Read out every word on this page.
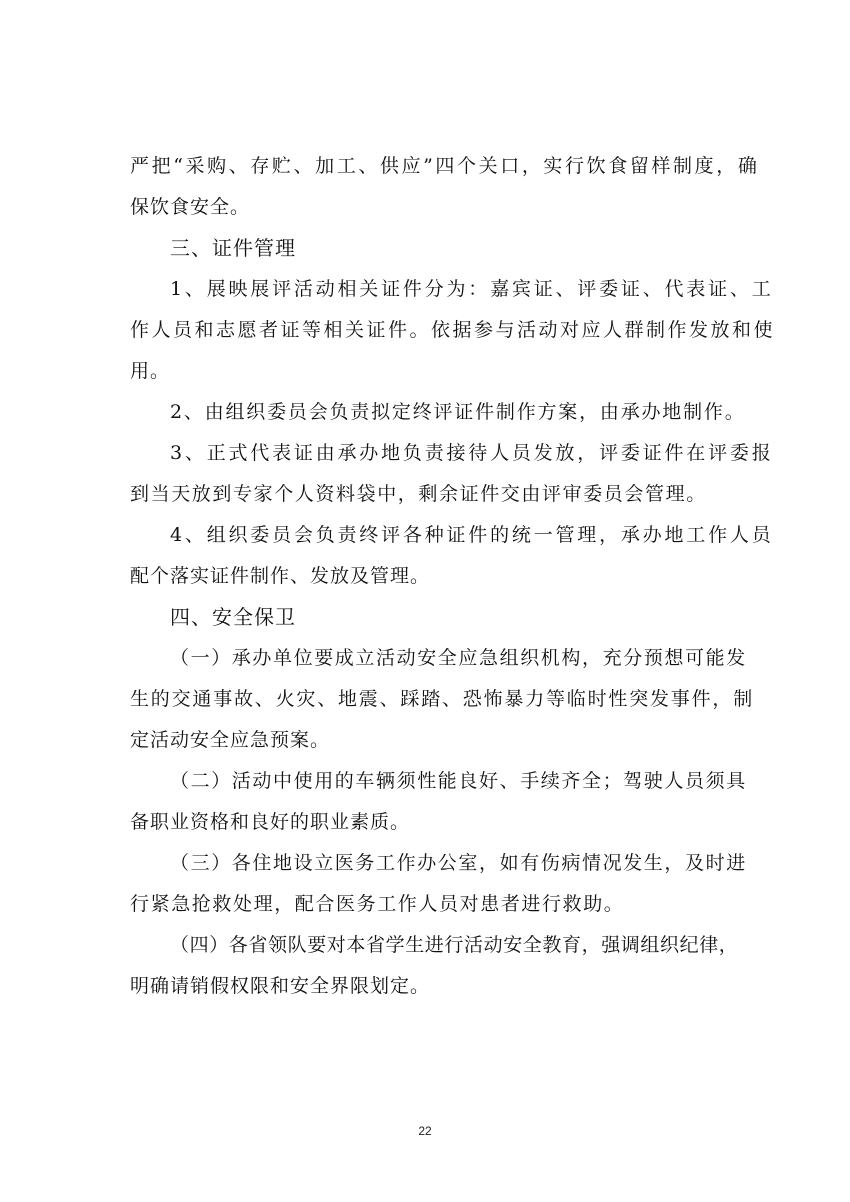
严把“采购、存贮、加工、供应”四个关口，实行饮食留样制度，确
保饮食安全。
三、证件管理
1、展映展评活动相关证件分为：嘉宾证、评委证、代表证、工
作人员和志愿者证等相关证件。依据参与活动对应人群制作发放和使
用。
2、由组织委员会负责拟定终评证件制作方案，由承办地制作。
3、正式代表证由承办地负责接待人员发放，评委证件在评委报
到当天放到专家个人资料袋中，剩余证件交由评审委员会管理。
4、组织委员会负责终评各种证件的统一管理，承办地工作人员
配个落实证件制作、发放及管理。
四、安全保卫
（一）承办单位要成立活动安全应急组织机构，充分预想可能发
生的交通事故、火灾、地震、踩踏、恐怖暴力等临时性突发事件，制
定活动安全应急预案。
（二）活动中使用的车辆须性能良好、手续齐全；驾驶人员须具
备职业资格和良好的职业素质。
（三）各住地设立医务工作办公室，如有伤病情况发生，及时进
行紧急抢救处理，配合医务工作人员对患者进行救助。
（四）各省领队要对本省学生进行活动安全教育，强调组织纪律，
明确请销假权限和安全界限划定。
22
